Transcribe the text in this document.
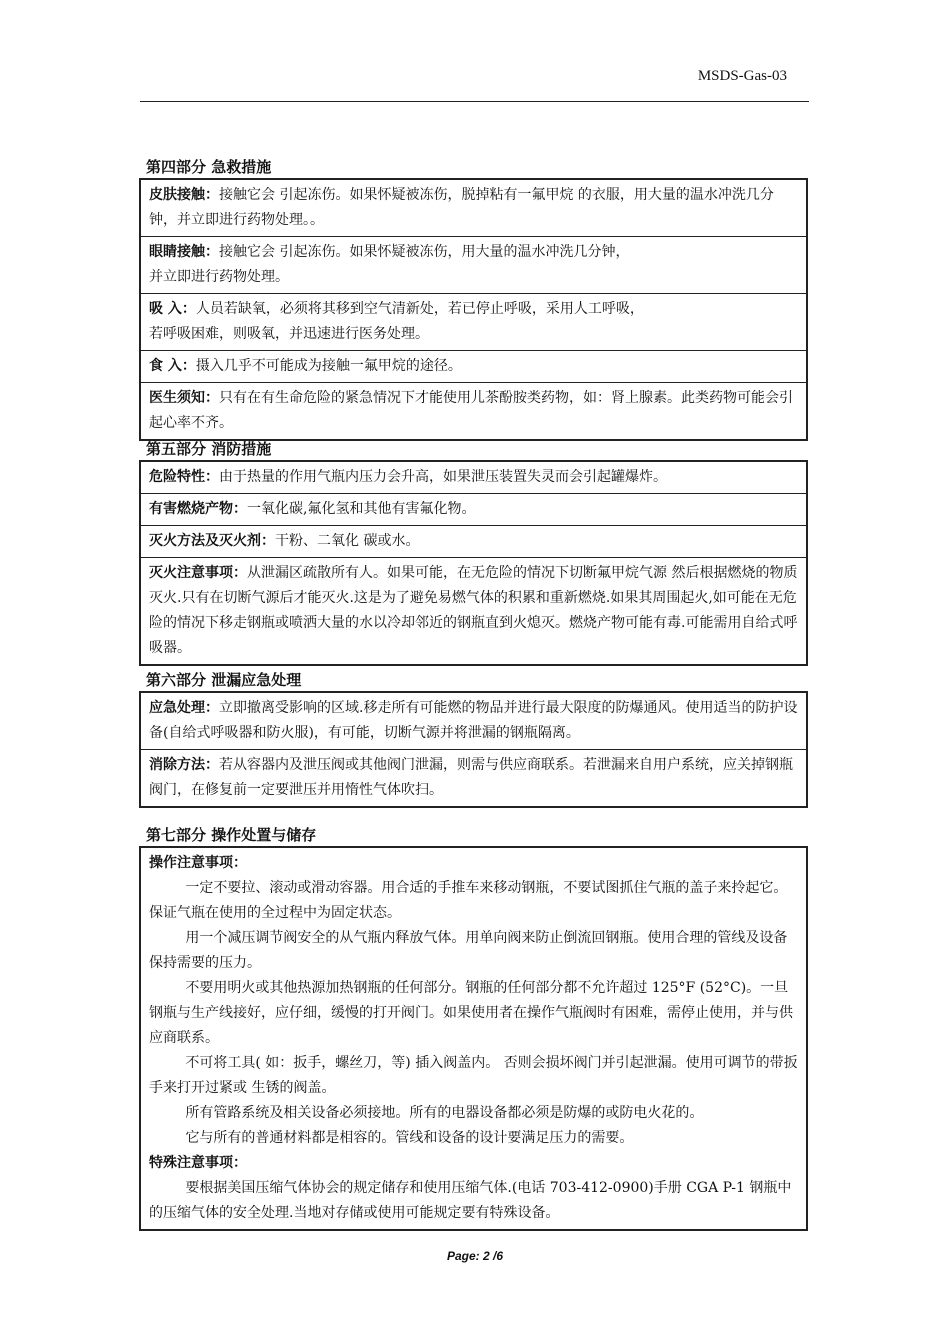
MSDS-Gas-03
第四部分 急救措施
皮肤接触：接触它会 引起冻伤。如果怀疑被冻伤，脱掉粘有一氟甲烷 的衣服，用大量的温水冲洗几分钟，并立即进行药物处理。。
眼睛接触：接触它会 引起冻伤。如果怀疑被冻伤，用大量的温水冲洗几分钟，
并立即进行药物处理。
吸 入：人员若缺氧，必须将其移到空气清新处，若已停止呼吸，采用人工呼吸，
若呼吸困难，则吸氧，并迅速进行医务处理。
食 入：摄入几乎不可能成为接触一氟甲烷的途径。
医生须知：只有在有生命危险的紧急情况下才能使用儿茶酚胺类药物，如：肾上腺素。此类药物可能会引起心率不齐。
第五部分 消防措施
危险特性：由于热量的作用气瓶内压力会升高，如果泄压装置失灵而会引起罐爆炸。
有害燃烧产物：一氧化碳,氟化氢和其他有害氟化物。
灭火方法及灭火剂：干粉、二氧化 碳或水。
灭火注意事项：从泄漏区疏散所有人。如果可能，在无危险的情况下切断氟甲烷气源 然后根据燃烧的物质灭火.只有在切断气源后才能灭火.这是为了避免易燃气体的积累和重新燃烧.如果其周围起火,如可能在无危险的情况下移走钢瓶或喷洒大量的水以冷却邻近的钢瓶直到火熄灭。燃烧产物可能有毒.可能需用自给式呼吸器。
第六部分 泄漏应急处理
应急处理：立即撤离受影响的区域.移走所有可能燃的物品并进行最大限度的防爆通风。使用适当的防护设备(自给式呼吸器和防火服)，有可能，切断气源并将泄漏的钢瓶隔离。
消除方法：若从容器内及泄压阀或其他阀门泄漏，则需与供应商联系。若泄漏来自用户系统，应关掉钢瓶阀门，在修复前一定要泄压并用惰性气体吹扫。
第七部分 操作处置与储存
操作注意事项：
一定不要拉、滚动或滑动容器。用合适的手推车来移动钢瓶，不要试图抓住气瓶的盖子来拎起它。保证气瓶在使用的全过程中为固定状态。
用一个减压调节阀安全的从气瓶内释放气体。用单向阀来防止倒流回钢瓶。使用合理的管线及设备保持需要的压力。
不要用明火或其他热源加热钢瓶的任何部分。钢瓶的任何部分都不允许超过 125°F (52°C)。一旦钢瓶与生产线接好，应仔细，缓慢的打开阀门。如果使用者在操作气瓶阀时有困难，需停止使用，并与供应商联系。
不可将工具( 如：扳手，螺丝刀，等) 插入阀盖内。 否则会损坏阀门并引起泄漏。使用可调节的带扳手来打开过紧或 生锈的阀盖。
所有管路系统及相关设备必须接地。所有的电器设备都必须是防爆的或防电火花的。
它与所有的普通材料都是相容的。管线和设备的设计要满足压力的需要。
特殊注意事项：
要根据美国压缩气体协会的规定储存和使用压缩气体.(电话 703-412-0900)手册 CGA P-1 钢瓶中的压缩气体的安全处理.当地对存储或使用可能规定要有特殊设备。
Page: 2 /6
